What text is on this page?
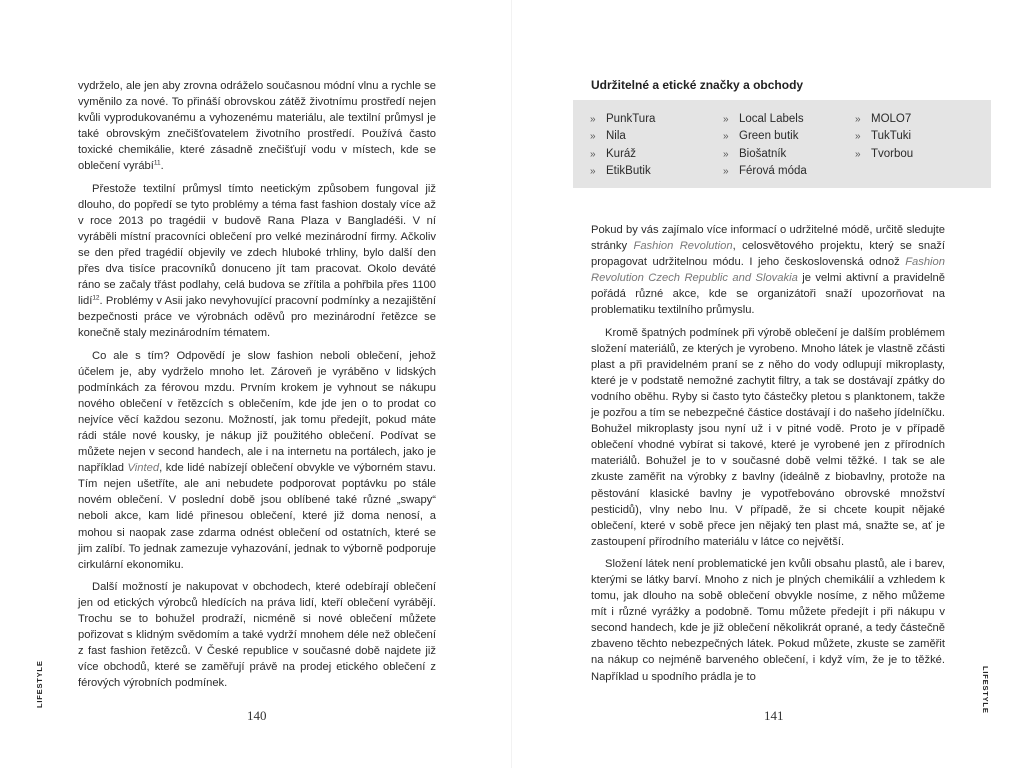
vydrželo, ale jen aby zrovna odráželo současnou módní vlnu a rychle se vyměnilo za nové. To přináší obrovskou zátěž životnímu prostředí nejen kvůli vyprodukovanému a vyhozenému materiálu, ale textilní průmysl je také obrovským znečišťovatelem životního prostředí. Používá často toxické chemikálie, které zásadně znečišťují vodu v místech, kde se oblečení vyrábí$^{11}$.

Přestože textilní průmysl tímto neetickým způsobem fungoval již dlouho, do popředí se tyto problémy a téma fast fashion dostaly více až v roce 2013 po tragédii v budově Rana Plaza v Bangladéši. V ní vyráběli místní pracovníci oblečení pro velké mezinárodní firmy. Ačkoliv se den před tragédií objevily ve zdech hluboké trhliny, bylo další den přes dva tisíce pracovníků donuceno jít tam pracovat. Okolo deváté ráno se začaly třást podlahy, celá budova se zřítila a pohřbila přes 1100 lidí$^{12}$. Problémy v Asii jako nevyhovující pracovní podmínky a nezajištění bezpečnosti práce ve výrobnách oděvů pro mezinárodní řetězce se konečně staly mezinárodním tématem.

Co ale s tím? Odpovědí je slow fashion neboli oblečení, jehož účelem je, aby vydrželo mnoho let. Zároveň je vyráběno v lidských podmínkách za férovou mzdu. Prvním krokem je vyhnout se nákupu nového oblečení v řetězcích s oblečením, kde jde jen o to prodat co nejvíce věcí každou sezonu. Možností, jak tomu předejít, pokud máte rádi stále nové kousky, je nákup již použitého oblečení. Podívat se můžete nejen v second handech, ale i na internetu na portálech, jako je například Vinted, kde lidé nabízejí oblečení obvykle ve výborném stavu. Tím nejen ušetříte, ale ani nebudete podporovat poptávku po stále novém oblečení. V poslední době jsou oblíbené také různé „swapy“ neboli akce, kam lidé přinesou oblečení, které již doma nenosí, a mohou si naopak zase zdarma odnést oblečení od ostatních, které se jim zalíbí. To jednak zamezuje vyhazování, jednak to výborně podporuje cirkulární ekonomiku.

Další možností je nakupovat v obchodech, které odebírají oblečení jen od etických výrobců hledících na práva lidí, kteří oblečení vyrábějí. Trochu se to bohužel prodraží, nicméně si nové oblečení můžete pořizovat s klidným svědomím a také vydrží mnohem déle než oblečení z fast fashion řetězců. V České republice v současné době najdete již více obchodů, které se zaměřují právě na prodej etického oblečení z férových výrobních podmínek.

LIFESTYLE
140
Udržitelné a etické značky a obchody
» PunkTura
» Nila
» Kuráž
» EtikButik
» Local Labels
» Green butik
» Biošatník
» Férová móda
» MOLO7
» TukTuki
» Tvorbou

Pokud by vás zajímalo více informací o udržitelné módě, určitě sledujte stránky Fashion Revolution, celosvětového projektu, který se snaží propagovat udržitelnou módu. I jeho československá odnož Fashion Revolution Czech Republic and Slovakia je velmi aktivní a pravidelně pořádá různé akce, kde se organizátoři snaží upozorňovat na problematiku textilního průmyslu.

Kromě špatných podmínek při výrobě oblečení je dalším problémem složení materiálů, ze kterých je vyrobeno. Mnoho látek je vlastně zčásti plast a při pravidelném praní se z něho do vody odlupují mikroplasty, které je v podstatě nemožné zachytit filtry, a tak se dostávají zpátky do vodního oběhu. Ryby si často tyto částečky pletou s planktonem, takže je pozřou a tím se nebezpečné částice dostávají i do našeho jídelníčku. Bohužel mikroplasty jsou nyní už i v pitné vodě. Proto je v případě oblečení vhodné vybírat si takové, které je vyrobené jen z přírodních materiálů. Bohužel je to v současné době velmi těžké. I tak se ale zkuste zaměřit na výrobky z bavlny (ideálně z biobavlny, protože na pěstování klasické bavlny je vypotřebováno obrovské množství pesticidů), vlny nebo lnu. V případě, že si chcete koupit nějaké oblečení, které v sobě přece jen nějaký ten plast má, snažte se, ať je zastoupení přírodního materiálu v látce co největší.

Složení látek není problematické jen kvůli obsahu plastů, ale i barev, kterými se látky barví. Mnoho z nich je plných chemikálií a vzhledem k tomu, jak dlouho na sobě oblečení obvykle nosíme, z něho můžeme mít i různé vyrážky a podobně. Tomu můžete předejít i při nákupu v second handech, kde je již oblečení několikrát oprané, a tedy částečně zbaveno těchto nebezpečných látek. Pokud můžete, zkuste se zaměřit na nákup co nejméně barveného oblečení, i když vím, že je to těžké. Například u spodního prádla je to	LIFESTYLE
141
